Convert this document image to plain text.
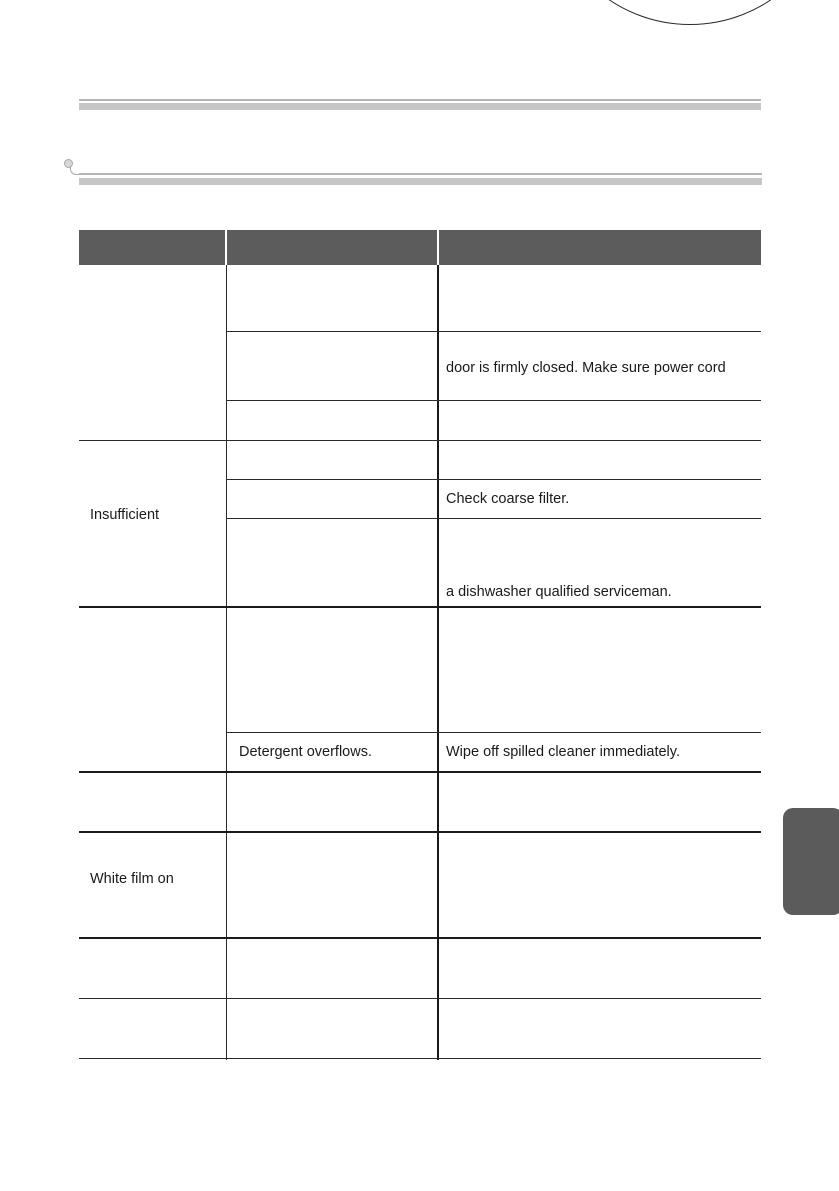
door is firmly closed. Make sure power cord
Check coarse filter.
Insufficient
a dishwasher qualified serviceman.
Detergent overflows.	Wipe off spilled cleaner immediately.
White film on
